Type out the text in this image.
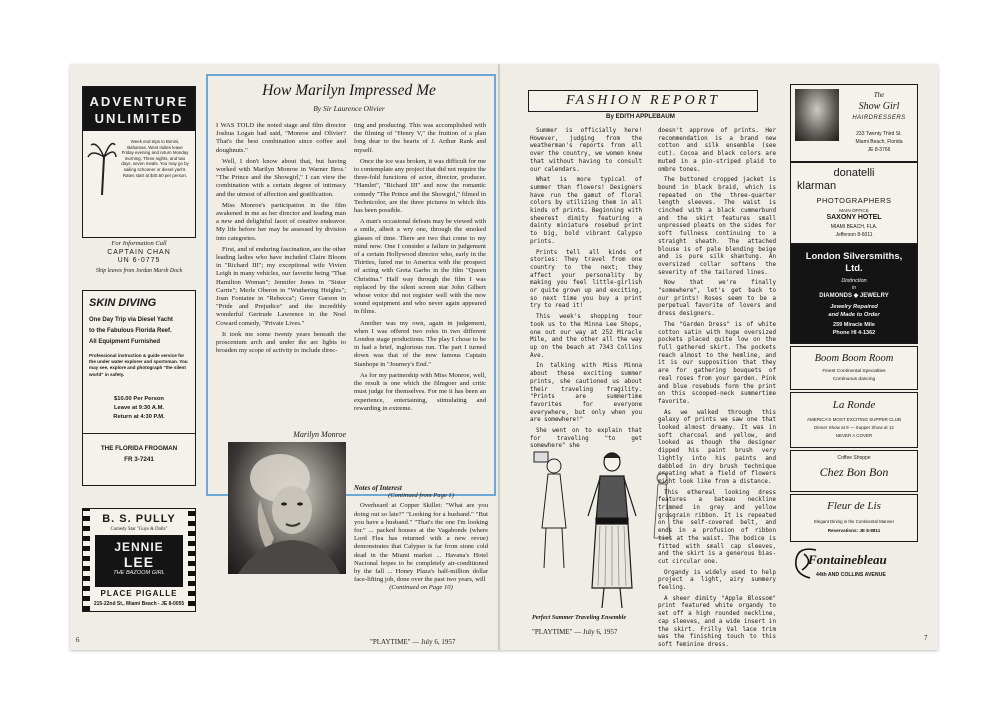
ADVENTURE
UNLIMITED
Week end trips to Bimini, Bahamas. West Indies leave Friday evening and return Monday morning. Three nights, and two days, seven meals. You may go by sailing schooner or diesel yacht. Rates start at $45.50 per person.
For Information Call
CAPTAIN CHAN
UN 6-0775
Ship leaves from Jordan Marsh Dock
SKIN DIVING
One Day Trip via Diesel Yacht
to the Fabulous Florida Reef.
All Equipment Furnished
Professional instruction & guide service for the under water explorer and sportsman. You may see, explore and photograph "the silent world" in safety.
$10.00 Per Person
Leave at 9:30 A.M.
Return at 4:30 P.M.
THE FLORIDA FROGMAN
FR 3-7241
B. S. PULLY
Comedy Star "Guys & Dolls"
JENNIE
LEE
THE BAZOOM GIRL
PLACE PIGALLE
215-22nd St., Miami Beach - JE 8-0055
How Marilyn Impressed Me
By Sir Laurence Olivier

I WAS TOLD the noted stage and film director Joshua Logan had said, "Monroe and Olivier? That's the best combination since coffee and doughnuts."

Well, I don't know about that, but having worked with Marilyn Monroe in Warner Bros.' "The Prince and the Showgirl," I can view the combination with a certain degree of intimacy and the utmost of affection and gratification.

Miss Monroe's participation in the film awakened in me as her director and leading man a new and delightful facet of creative endeavor. My life before her may be assessed by division into categories.

First, and of enduring fascination, are the other leading ladies who have included Claire Bloom in "Richard III"; my exceptional wife Vivien Leigh in many vehicles, our favorite being "That Hamilton Woman"; Jennifer Jones in "Sister Carrie"; Merle Oberon in "Wuthering Heights"; Joan Fontaine in "Rebecca"; Greer Garson in "Pride and Prejudice" and the incredibly wonderful Gertrude Lawrence in the Noel Coward comedy, "Private Lives."

It took me some twenty years beneath the proscenium arch and under the arc lights to broaden my scope of activity to include direc-

ting and producing. This was accomplished with the filming of "Henry V," the fruition of a plan long dear to the hearts of J. Arthur Rank and myself.

Once the ice was broken, it was difficult for me to contemplate any project that did not require the three-fold functions of actor, director, producer. "Hamlet", "Richard III" and now the romantic comedy "The Prince and the Showgirl," filmed in Technicolor, are the three pictures in which this has been possible.

A man's occasional defeats may be viewed with a smile, albeit a wry one, through the smoked glasses of time. There are two that come to my mind now. One I consider a failure in judgement of a certain Hollywood director who, early in the Thirties, lured me to America with the prospect of acting with Greta Garbo in the film "Queen Christina." Half way through the film I was replaced by the silent screen star John Gilbert whose voice did not register well with the new sound equipment and who never again appeared in films.

Another was my own, again in judgement, when I was offered two roles in two different London stage productions. The play I chose to be in had a brief, inglorious run. The part I turned down was that of the now famous Captain Stanhope in "Journey's End."

As for my partnership with Miss Monroe, well, the result is one which the filmgoer and critic must judge for themselves. For me it has been an experience, entertaining, stimulating and rewarding in extreme.

Marilyn Monroe
Notes of Interest
(Continued from Page 1)
Overheard at Copper Skillet: "What are you doing out so late?" "Looking for a husband." "But you have a husband." "That's the one I'm looking for." ... packed houses at the Vagabonds (where Lord Flea has returned with a new revue) demonstrates that Calypso is far from stone cold dead in the Miami market ... Havana's Hotel Nacional hopes to be completely air-conditioned by the fall ... Honey Plaza's half-million dollar face-lifting job, done over the past two years, will
(Continued on Page 10)
"PLAYTIME" — July 6, 1957
6
FASHION REPORT
By EDITH APPLEBAUM

Summer is officially here! However, judging from the weatherman's reports from all over the country, we women knew that without having to consult our calendars.

What is more typical of summer than flowers! Designers have run the gamut of floral colors by utilizing them in all kinds of prints. Beginning with sheerest dimity featuring a dainty miniature rosebud print to big, bold vibrant Calypso prints.

Prints tell all kinds of stories: They travel from one country to the next; they affect your personality by making you feel little-girlish or quite grown up and exciting, so next time you buy a print try to read it!

This week's shopping tour took us to the Minna Lee Shops, one out our way at 252 Miracle Mile, and the other all the way up on the beach at 7343 Collins Ave.

In talking with Miss Minna about these exciting summer prints, she cautioned us about their traveling fragility. "Prints are summertime favorites for everyone everywhere, but only when you are somewhere!"

She went on to explain that for traveling "to get somewhere" she

Perfect Summer Traveling Ensemble
"PLAYTIME" — July 6, 1957

doesn't approve of prints. Her recommendation is a brand new cotton and silk ensemble (see cut). Cocoa and black colors are muted in a pin-striped plaid to ombre tones.

The buttoned cropped jacket is bound in black braid, which is repeated on the three-quarter length sleeves. The waist is cinched with a black cummerbund and the skirt features small unpressed pleats on the sides for soft fullness continuing to a straight sheath. The attached blouse is of pale blending beige and is pure silk shantung. An oversized collar softens the severity of the tailored lines.

Now that we're finally "somewhere", let's get back to our prints! Roses seem to be a perpetual favorite of lovers and dress designers.

The "Garden Dress" is of white cotton satin with huge oversized pockets placed quite low on the full gathered skirt. The pockets reach almost to the hemline, and it is our supposition that they are for gathering bouquets of real roses from your garden. Pink and blue rosebuds form the print on this scooped-neck summertime favorite.

As we walked through this galaxy of prints we saw one that looked almost dreamy. It was in soft charcoal and yellow, and looked as though the designer dipped his paint brush very lightly into his paints and dabbled in dry brush technique creating what a field of flowers might look like from a distance.

This ethereal looking dress features a bateau neckline trimmed in grey and yellow grosgrain ribbon. It is repeated on the self-covered belt, and ends in a profusion of ribbon ties at the waist. The bodice is fitted with small cap sleeves, and the skirt is a generous bias-cut circular one.

Organdy is widely used to help project a light, airy summery feeling.

A sheer dimity "Apple Blossom" print featured white organdy to set off a high rounded neckline, cap sleeves, and a wide insert in the skirt. Frilly Val lace trim was the finishing touch to this soft feminine dress.

The
Show Girl
HAIRDRESSERS
233 Twenty Third St.
Miami Beach, Florida
JE 8-3766
donatelli
klarman
PHOTOGRAPHERS
MAIN OFFICE
SAXONY HOTEL
MIAMI BEACH, FLA.
Jefferson 8-6011
London Silversmiths,
Ltd.
Distinction
in
DIAMONDS ◆ JEWELRY
Jewelry Repaired
and Made to Order
259 Miracle Mile
Phone HI 4-1362
Boom Boom Room
Finest Continental Specialties
Continuous dancing
La Ronde
AMERICA'S MOST EXCITING SUPPER CLUB
Dinner Show at 9 — Supper Show at 12
NEVER A COVER
Coffee Shoppe
Chez Bon Bon
Fleur de Lis
Elegant Dining in the Continental Manner
Reservations: JE 8-8811
Fontainebleau
44th AND COLLINS AVENUE
7
